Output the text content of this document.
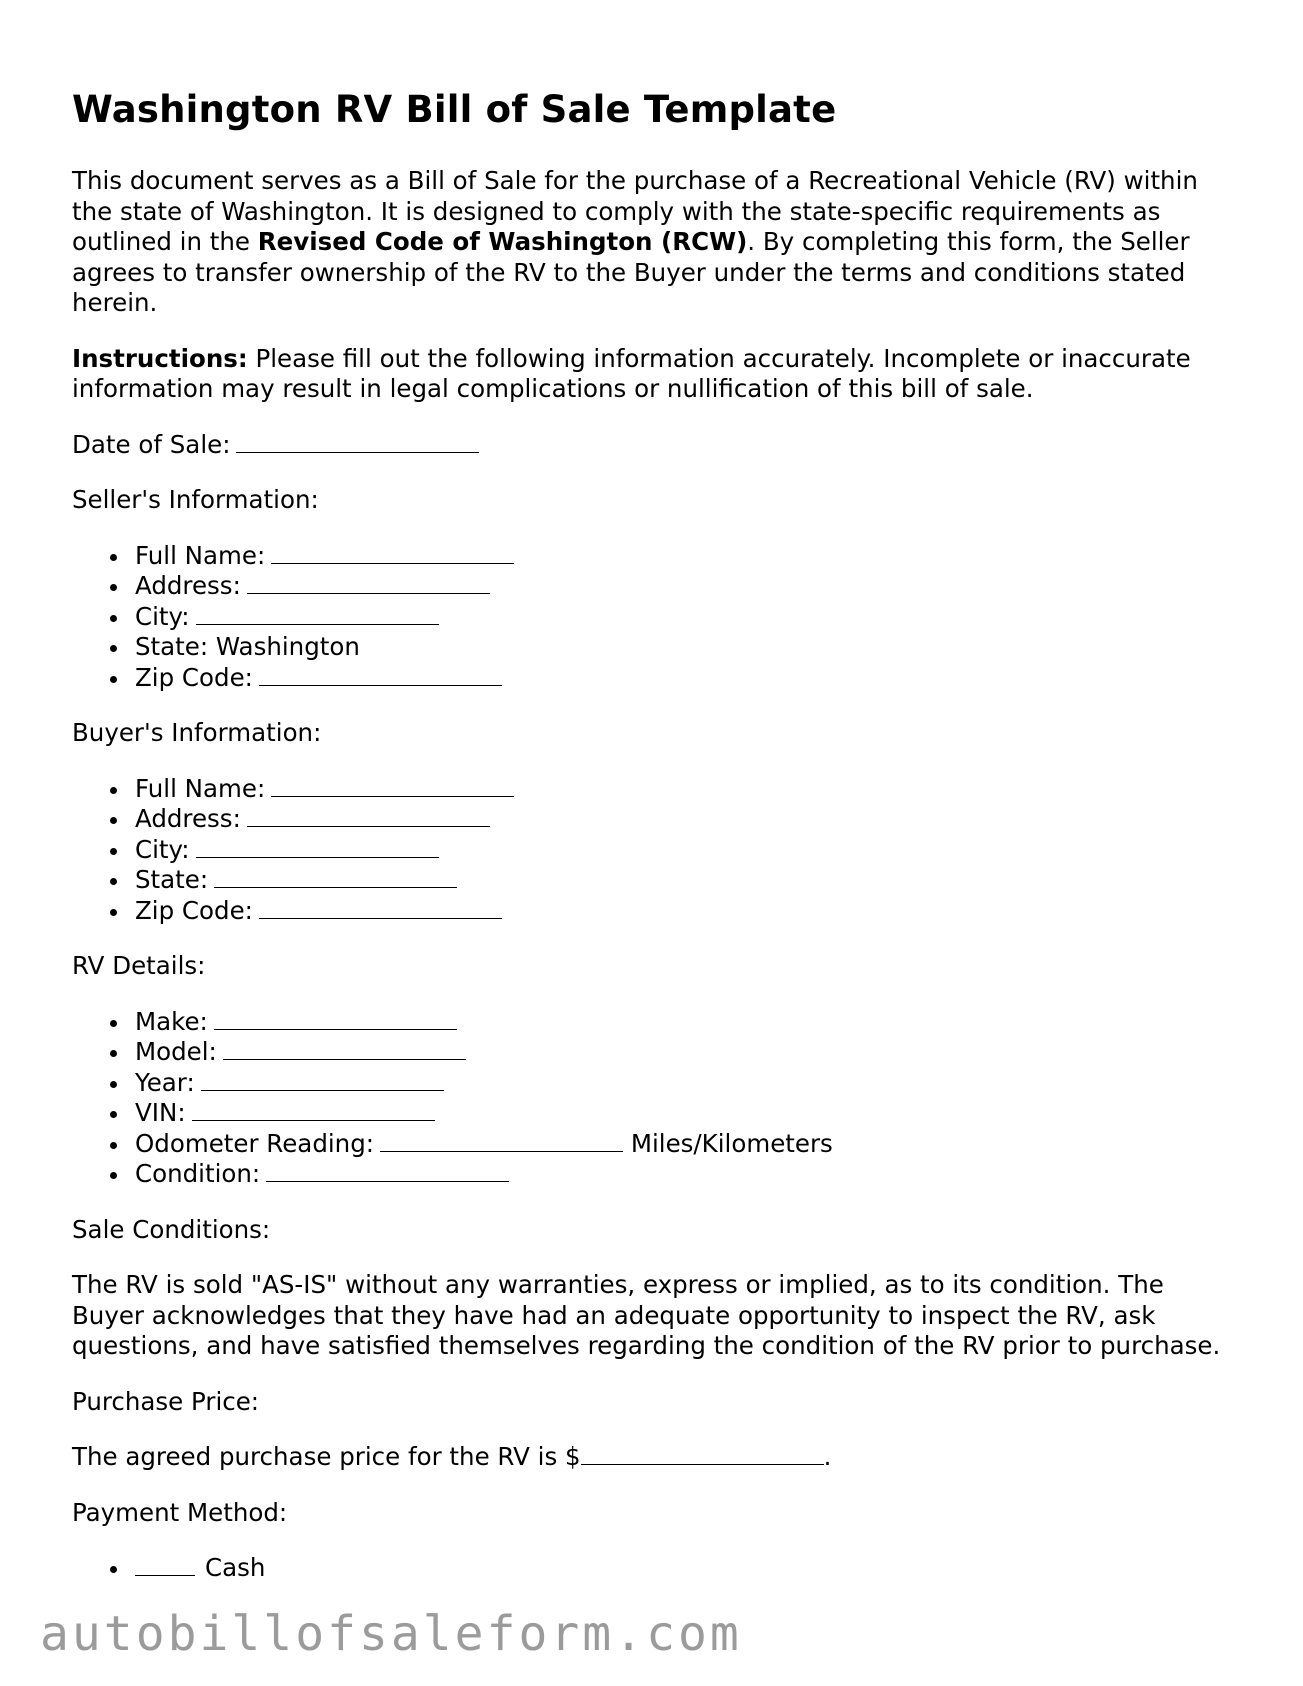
Washington RV Bill of Sale Template

This document serves as a Bill of Sale for the purchase of a Recreational Vehicle (RV) within the state of Washington. It is designed to comply with the state-specific requirements as outlined in the Revised Code of Washington (RCW). By completing this form, the Seller agrees to transfer ownership of the RV to the Buyer under the terms and conditions stated herein.

Instructions: Please fill out the following information accurately. Incomplete or inaccurate information may result in legal complications or nullification of this bill of sale.

Date of Sale:

Seller's Information:

Full Name:
Address:
City:
State: Washington
Zip Code:

Buyer's Information:

Full Name:
Address:
City:
State:
Zip Code:

RV Details:

Make:
Model:
Year:
VIN:
Odometer Reading:	Miles/Kilometers
Condition:

Sale Conditions:

The RV is sold "AS-IS" without any warranties, express or implied, as to its condition. The Buyer acknowledges that they have had an adequate opportunity to inspect the RV, ask questions, and have satisfied themselves regarding the condition of the RV prior to purchase.

Purchase Price:

The agreed purchase price for the RV is $	.

Payment Method:

Cash
autobillofsaleform.com
